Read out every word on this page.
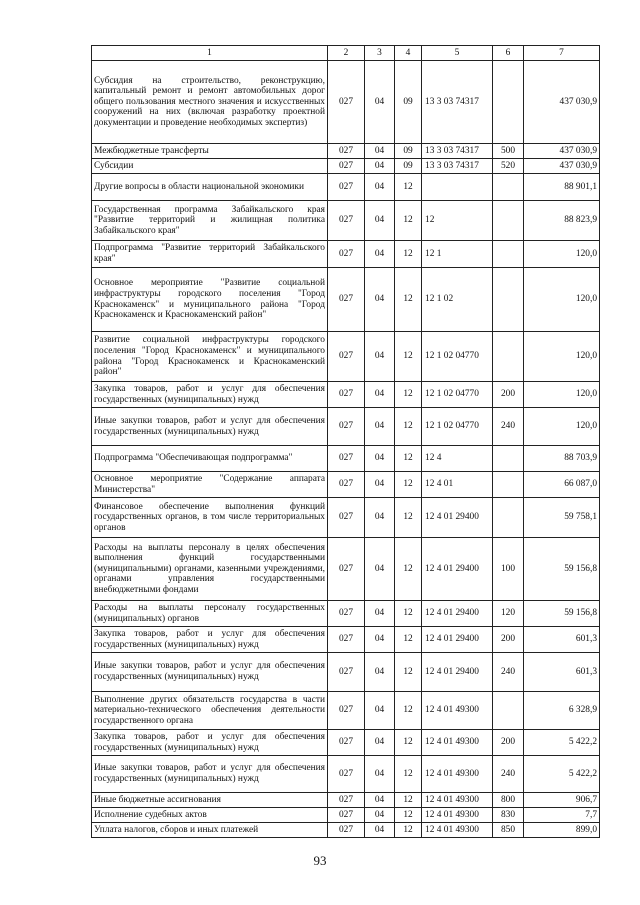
1	2	3	4	5	6	7
Субсидия на строительство, реконструкцию, капитальный ремонт и ремонт автомобильных дорог общего пользования местного значения и искусственных сооружений на них (включая разработку проектной документации и проведение необходимых экспертиз)	027	04	09	13 3 03 74317		437 030,9
Межбюджетные трансферты	027	04	09	13 3 03 74317	500	437 030,9
Субсидии	027	04	09	13 3 03 74317	520	437 030,9
Другие вопросы в области национальной экономики	027	04	12			88 901,1
Государственная программа Забайкальского края "Развитие территорий и жилищная политика Забайкальского края"	027	04	12	12		88 823,9
Подпрограмма "Развитие территорий Забайкальского края"	027	04	12	12 1		120,0
Основное мероприятие "Развитие социальной инфраструктуры городского поселения "Город Краснокаменск" и муниципального района "Город Краснокаменск и Краснокаменский район"	027	04	12	12 1 02		120,0
Развитие социальной инфраструктуры городского поселения "Город Краснокаменск" и муниципального района "Город Краснокаменск и Краснокаменский район"	027	04	12	12 1 02 04770		120,0
Закупка товаров, работ и услуг для обеспечения государственных (муниципальных) нужд	027	04	12	12 1 02 04770	200	120,0
Иные закупки товаров, работ и услуг для обеспечения государственных (муниципальных) нужд	027	04	12	12 1 02 04770	240	120,0
Подпрограмма "Обеспечивающая подпрограмма"	027	04	12	12 4		88 703,9
Основное мероприятие "Содержание аппарата Министерства"	027	04	12	12 4 01		66 087,0
Финансовое обеспечение выполнения функций государственных органов, в том числе территориальных органов	027	04	12	12 4 01 29400		59 758,1
Расходы на выплаты персоналу в целях обеспечения выполнения функций государственными (муниципальными) органами, казенными учреждениями, органами управления государственными внебюджетными фондами	027	04	12	12 4 01 29400	100	59 156,8
Расходы на выплаты персоналу государственных (муниципальных) органов	027	04	12	12 4 01 29400	120	59 156,8
Закупка товаров, работ и услуг для обеспечения государственных (муниципальных) нужд	027	04	12	12 4 01 29400	200	601,3
Иные закупки товаров, работ и услуг для обеспечения государственных (муниципальных) нужд	027	04	12	12 4 01 29400	240	601,3
Выполнение других обязательств государства в части материально-технического обеспечения деятельности государственного органа	027	04	12	12 4 01 49300		6 328,9
Закупка товаров, работ и услуг для обеспечения государственных (муниципальных) нужд	027	04	12	12 4 01 49300	200	5 422,2
Иные закупки товаров, работ и услуг для обеспечения государственных (муниципальных) нужд	027	04	12	12 4 01 49300	240	5 422,2
Иные бюджетные ассигнования	027	04	12	12 4 01 49300	800	906,7
Исполнение судебных актов	027	04	12	12 4 01 49300	830	7,7
Уплата налогов, сборов и иных платежей	027	04	12	12 4 01 49300	850	899,0
93
